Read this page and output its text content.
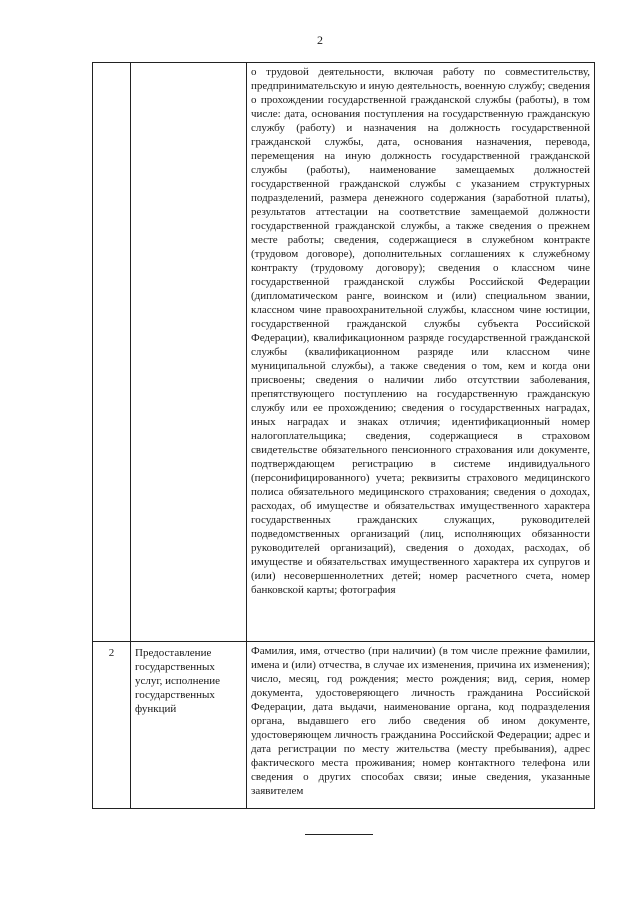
2
		о трудовой деятельности, включая работу по совместительству, предпринимательскую и иную деятельность, военную службу; сведения о прохождении государственной гражданской службы (работы), в том числе: дата, основания поступления на государственную гражданскую службу (работу) и назначения на должность государственной гражданской службы, дата, основания назначения, перевода, перемещения на иную должность государственной гражданской службы (работы), наименование замещаемых должностей государственной гражданской службы с указанием структурных подразделений, размера денежного содержания (заработной платы), результатов аттестации на соответствие замещаемой должности государственной гражданской службы, а также сведения о прежнем месте работы; сведения, содержащиеся в служебном контракте (трудовом договоре), дополнительных соглашениях к служебному контракту (трудовому договору); сведения о классном чине государственной гражданской службы Российской Федерации (дипломатическом ранге, воинском и (или) специальном звании, классном чине правоохранительной службы, классном чине юстиции, государственной гражданской службы субъекта Российской Федерации), квалификационном разряде государственной гражданской службы (квалификационном разряде или классном чине муниципальной службы), а также сведения о том, кем и когда они присвоены; сведения о наличии либо отсутствии заболевания, препятствующего поступлению на государственную гражданскую службу или ее прохождению; сведения о государственных наградах, иных наградах и знаках отличия; идентификационный номер налогоплательщика; сведения, содержащиеся в страховом свидетельстве обязательного пенсионного страхования или документе, подтверждающем регистрацию в системе индивидуального (персонифицированного) учета; реквизиты страхового медицинского полиса обязательного медицинского страхования; сведения о доходах, расходах, об имуществе и обязательствах имущественного характера государственных гражданских служащих, руководителей подведомственных организаций (лиц, исполняющих обязанности руководителей организаций), сведения о доходах, расходах, об имуществе и обязательствах имущественного характера их супругов и (или) несовершеннолетних детей; номер расчетного счета, номер банковской карты; фотография
2	Предоставление государственных услуг, исполнение государственных функций	Фамилия, имя, отчество (при наличии) (в том числе прежние фамилии, имена и (или) отчества, в случае их изменения, причина их изменения); число, месяц, год рождения; место рождения; вид, серия, номер документа, удостоверяющего личность гражданина Российской Федерации, дата выдачи, наименование органа, код подразделения органа, выдавшего его либо сведения об ином документе, удостоверяющем личность гражданина Российской Федерации; адрес и дата регистрации по месту жительства (месту пребывания), адрес фактического места проживания; номер контактного телефона или сведения о других способах связи; иные сведения, указанные заявителем
